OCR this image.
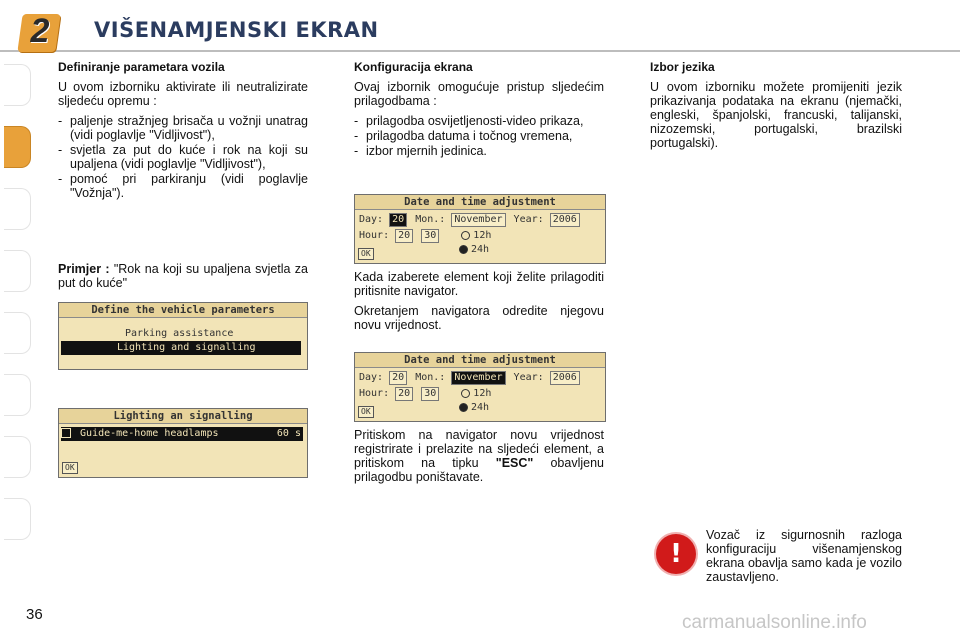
2	VIŠENAMJENSKI EKRAN
Definiranje parametara vozila

U ovom izborniku aktivirate ili neutralizirate sljedeću opremu :

- paljenje stražnjeg brisača u vožnji unatrag (vidi poglavlje "Vidljivost"),
- svjetla za put do kuće i rok na koji su upaljena (vidi poglavlje "Vidljivost"),
- pomoć pri parkiranju (vidi poglavlje "Vožnja").

Primjer : "Rok na koji su upaljena svjetla za put do kuće"

Define the vehicle parameters
Parking assistance
Lighting and signalling
Lighting an signalling
Guide-me-home headlamps	60 s
OK
Konfiguracija ekrana

Ovaj izbornik omogućuje pristup sljedećim prilagodbama :

- prilagodba osvijetljenosti-video prikaza,
- prilagodba datuma i točnog vremena,
- izbor mjernih jedinica.
Date and time adjustment
Day: 20 Mon.: November Year: 2006
Hour: 20 30	12h
24h
OK

Kada izaberete element koji želite prilagoditi pritisnite navigator.

Okretanjem navigatora odredite njegovu novu vrijednost.

Date and time adjustment
Day: 20 Mon.: November Year: 2006
Hour: 20 30	12h
24h
OK

Pritiskom na navigator novu vrijednost registrirate i prelazite na sljedeći element, a pritiskom na tipku "ESC" obavljenu prilagodbu poništavate.

Izbor jezika

U ovom izborniku možete promijeniti jezik prikazivanja podataka na ekranu (njemački, engleski, španjolski, francuski, talijanski, nizozemski, portugalski, brazilski portugalski).

!

Vozač iz sigurnosnih razloga konfiguraciju višenamjenskog ekrana obavlja samo kada je vozilo zaustavljeno.

36	carmanualsonline.info
